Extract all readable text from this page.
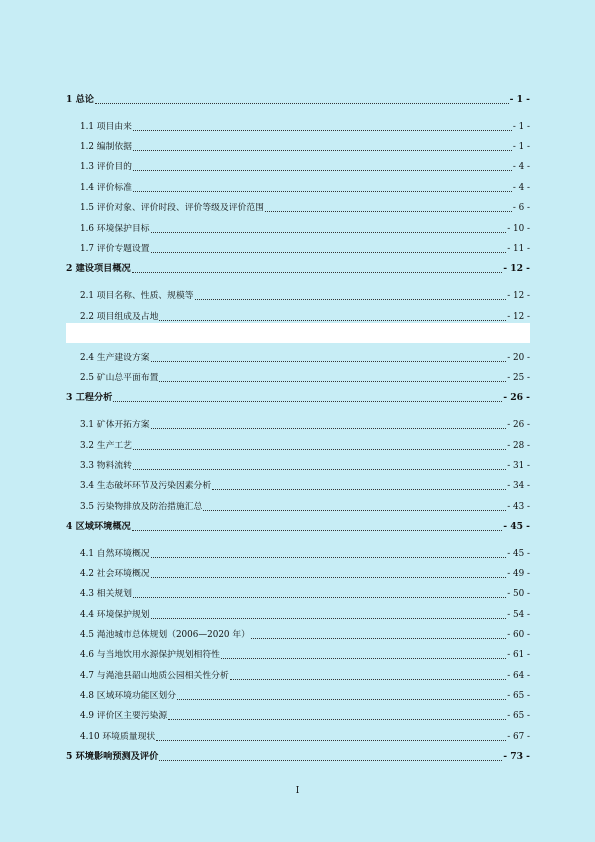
1 总论	- 1 -
1.1 项目由来	- 1 -
1.2 编制依据	- 1 -
1.3 评价目的	- 4 -
1.4 评价标准	- 4 -
1.5 评价对象、评价时段、评价等级及评价范围	- 6 -
1.6 环境保护目标	- 10 -
1.7 评价专题设置	- 11 -
2 建设项目概况	- 12 -
2.1 项目名称、性质、规模等	- 12 -
2.2 项目组成及占地	- 12 -
2.4 生产建设方案	- 20 -
2.5 矿山总平面布置	- 25 -
3 工程分析	- 26 -
3.1 矿体开拓方案	- 26 -
3.2 生产工艺	- 28 -
3.3 物料流转	- 31 -
3.4 生态破坏环节及污染因素分析	- 34 -
3.5 污染物排放及防治措施汇总	- 43 -
4 区域环境概况	- 45 -
4.1 自然环境概况	- 45 -
4.2 社会环境概况	- 49 -
4.3 相关规划	- 50 -
4.4 环境保护规划	- 54 -
4.5 渑池城市总体规划（2006—2020 年）	- 60 -
4.6 与当地饮用水源保护规划相符性	- 61 -
4.7 与渑池县韶山地质公园相关性分析	- 64 -
4.8 区域环境功能区划分	- 65 -
4.9 评价区主要污染源	- 65 -
4.10 环境质量现状	- 67 -
5 环境影响预测及评价	- 73 -
I
